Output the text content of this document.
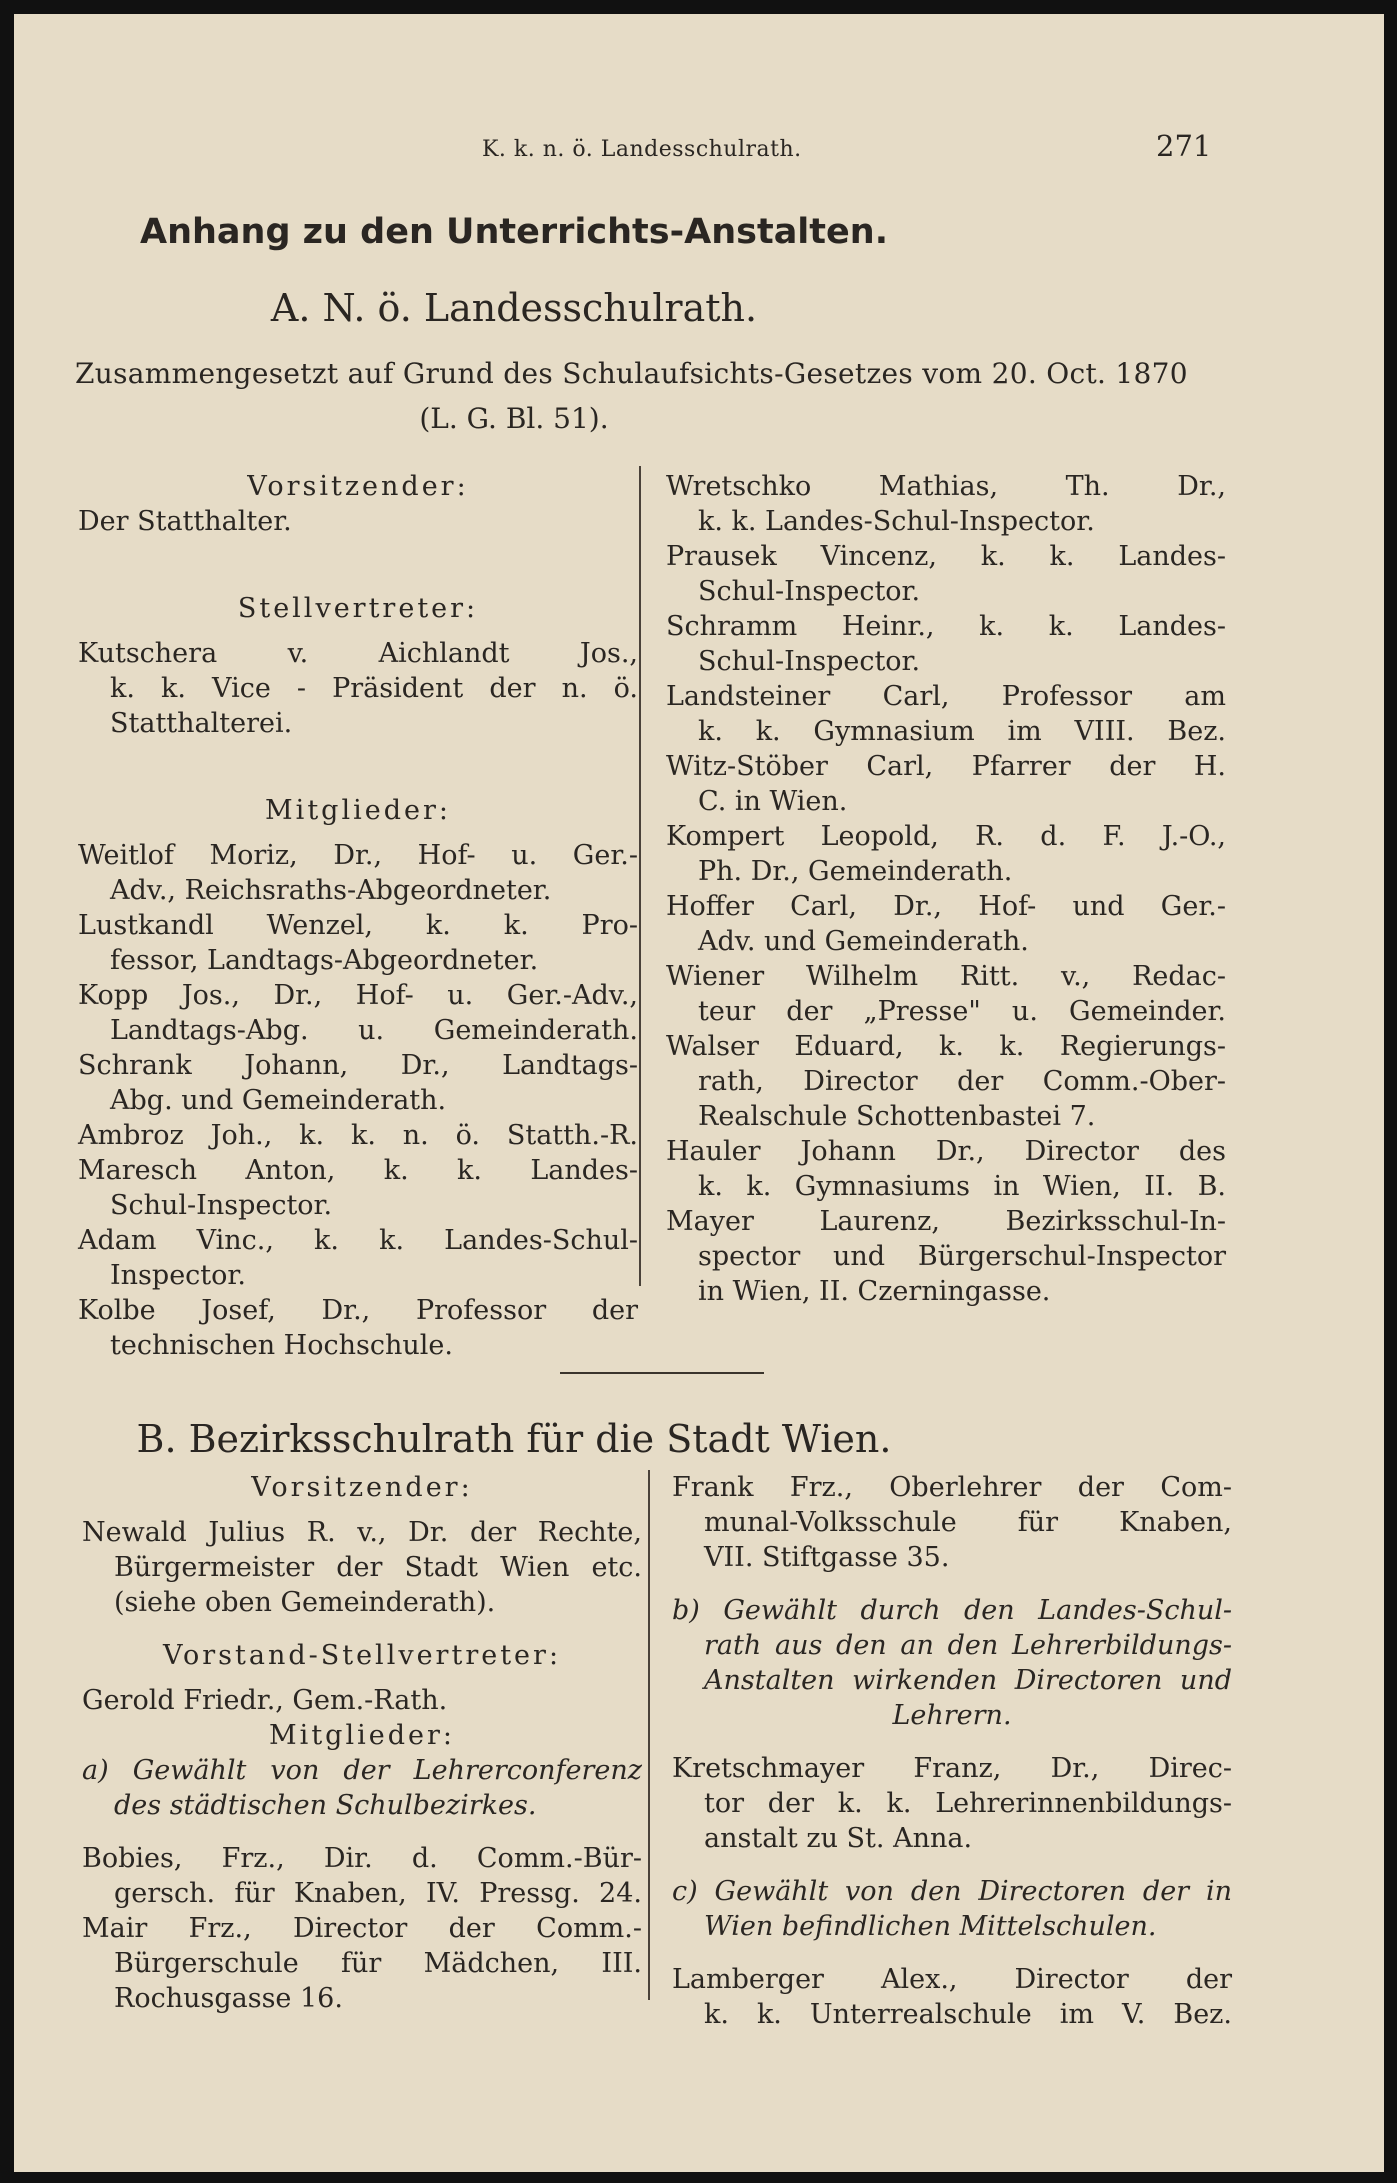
K. k. n. ö. Landesschulrath.	271
Anhang zu den Unterrichts-Anstalten.
A. N. ö. Landesschulrath.
Zusammengesetzt auf Grund des Schulaufsichts-Gesetzes vom 20. Oct. 1870
(L. G. Bl. 51).
Vorsitzender:
Der Statthalter.
Stellvertreter:
Kutschera v. Aichlandt Jos.,
k. k. Vice - Präsident der n. ö.
Statthalterei.
Mitglieder:
Weitlof Moriz, Dr., Hof- u. Ger.-
Adv., Reichsraths-Abgeordneter.
Lustkandl Wenzel, k. k. Pro-
fessor, Landtags-Abgeordneter.
Kopp Jos., Dr., Hof- u. Ger.-Adv.,
Landtags-Abg. u. Gemeinderath.
Schrank Johann, Dr., Landtags-
Abg. und Gemeinderath.
Ambroz Joh., k. k. n. ö. Statth.-R.
Maresch Anton, k. k. Landes-
Schul-Inspector.
Adam Vinc., k. k. Landes-Schul-
Inspector.
Kolbe Josef, Dr., Professor der
technischen Hochschule.
Wretschko Mathias, Th. Dr.,
k. k. Landes-Schul-Inspector.
Prausek Vincenz, k. k. Landes-
Schul-Inspector.
Schramm Heinr., k. k. Landes-
Schul-Inspector.
Landsteiner Carl, Professor am
k. k. Gymnasium im VIII. Bez.
Witz-Stöber Carl, Pfarrer der H.
C. in Wien.
Kompert Leopold, R. d. F. J.-O.,
Ph. Dr., Gemeinderath.
Hoffer Carl, Dr., Hof- und Ger.-
Adv. und Gemeinderath.
Wiener Wilhelm Ritt. v., Redac-
teur der „Presse" u. Gemeinder.
Walser Eduard, k. k. Regierungs-
rath, Director der Comm.-Ober-
Realschule Schottenbastei 7.
Hauler Johann Dr., Director des
k. k. Gymnasiums in Wien, II. B.
Mayer Laurenz, Bezirksschul-In-
spector und Bürgerschul-Inspector
in Wien, II. Czerningasse.
B. Bezirksschulrath für die Stadt Wien.
Vorsitzender:
Newald Julius R. v., Dr. der Rechte,
Bürgermeister der Stadt Wien etc.
(siehe oben Gemeinderath).
Vorstand-Stellvertreter:
Gerold Friedr., Gem.-Rath.
Mitglieder:
a) Gewählt von der Lehrerconferenz
des städtischen Schulbezirkes.
Bobies, Frz., Dir. d. Comm.-Bür-
gersch. für Knaben, IV. Pressg. 24.
Mair Frz., Director der Comm.-
Bürgerschule für Mädchen, III.
Rochusgasse 16.
Frank Frz., Oberlehrer der Com-
munal-Volksschule für Knaben,
VII. Stiftgasse 35.
b) Gewählt durch den Landes-Schul-
rath aus den an den Lehrerbildungs-
Anstalten wirkenden Directoren und
Lehrern.
Kretschmayer Franz, Dr., Direc-
tor der k. k. Lehrerinnenbildungs-
anstalt zu St. Anna.
c) Gewählt von den Directoren der in
Wien befindlichen Mittelschulen.
Lamberger Alex., Director der
k. k. Unterrealschule im V. Bez.
